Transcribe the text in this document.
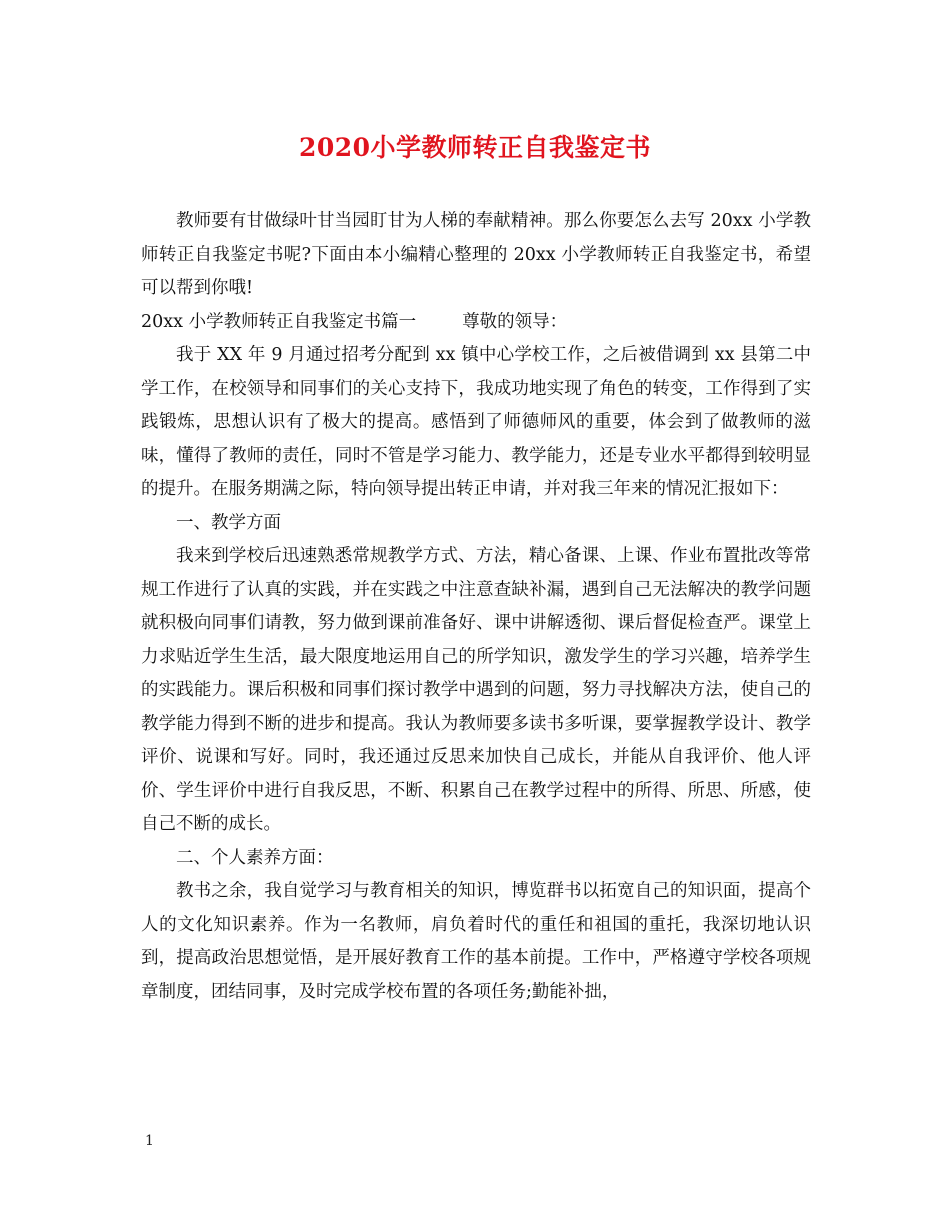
2020小学教师转正自我鉴定书

教师要有甘做绿叶甘当园盯甘为人梯的奉献精神。那么你要怎么去写 20xx 小学教师转正自我鉴定书呢?下面由本小编精心整理的 20xx 小学教师转正自我鉴定书，希望可以帮到你哦!

20xx 小学教师转正自我鉴定书篇一	尊敬的领导：

我于 XX 年 9 月通过招考分配到 xx 镇中心学校工作，之后被借调到 xx 县第二中学工作，在校领导和同事们的关心支持下，我成功地实现了角色的转变，工作得到了实践锻炼，思想认识有了极大的提高。感悟到了师德师风的重要，体会到了做教师的滋味，懂得了教师的责任，同时不管是学习能力、教学能力，还是专业水平都得到较明显的提升。在服务期满之际，特向领导提出转正申请，并对我三年来的情况汇报如下：

一、教学方面

我来到学校后迅速熟悉常规教学方式、方法，精心备课、上课、作业布置批改等常规工作进行了认真的实践，并在实践之中注意查缺补漏，遇到自己无法解决的教学问题就积极向同事们请教，努力做到课前准备好、课中讲解透彻、课后督促检查严。课堂上力求贴近学生生活，最大限度地运用自己的所学知识，激发学生的学习兴趣，培养学生的实践能力。课后积极和同事们探讨教学中遇到的问题，努力寻找解决方法，使自己的教学能力得到不断的进步和提高。我认为教师要多读书多听课，要掌握教学设计、教学评价、说课和写好。同时，我还通过反思来加快自己成长，并能从自我评价、他人评价、学生评价中进行自我反思，不断、积累自己在教学过程中的所得、所思、所感，使自己不断的成长。

二、个人素养方面：

教书之余，我自觉学习与教育相关的知识，博览群书以拓宽自己的知识面，提高个人的文化知识素养。作为一名教师，肩负着时代的重任和祖国的重托，我深切地认识到，提高政治思想觉悟，是开展好教育工作的基本前提。工作中，严格遵守学校各项规章制度，团结同事，及时完成学校布置的各项任务;勤能补拙，

1
